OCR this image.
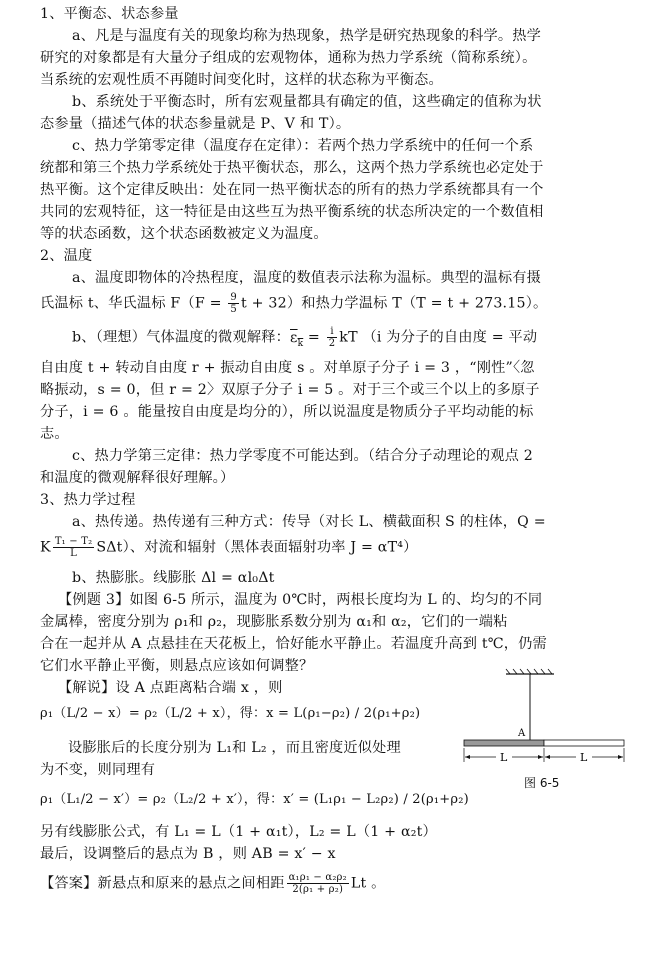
1、平衡态、状态参量
a、凡是与温度有关的现象均称为热现象，热学是研究热现象的科学。热学
研究的对象都是有大量分子组成的宏观物体，通称为热力学系统（简称系统）。
当系统的宏观性质不再随时间变化时，这样的状态称为平衡态。
b、系统处于平衡态时，所有宏观量都具有确定的值，这些确定的值称为状
态参量（描述气体的状态参量就是 P、V 和 T）。
c、热力学第零定律（温度存在定律）：若两个热力学系统中的任何一个系
统都和第三个热力学系统处于热平衡状态，那么，这两个热力学系统也必定处于
热平衡。这个定律反映出：处在同一热平衡状态的所有的热力学系统都具有一个
共同的宏观特征，这一特征是由这些互为热平衡系统的状态所决定的一个数值相
等的状态函数，这个状态函数被定义为温度。
2、温度
a、温度即物体的冷热程度，温度的数值表示法称为温标。典型的温标有摄
氏温标 t、华氏温标 $F(F = \frac{9}{5}$ t + 32）和热力学温标 T（T = t + 273.15）。
b、（理想）气体温度的微观解释：$\varepsilon_k = \frac{i}{2}$ kT （i 为分子的自由度 = 平动
自由度 t + 转动自由度 r + 振动自由度 s 。对单原子分子 i = 3 ，“刚性”〈忽
略振动，s = 0，但 r = 2〉双原子分子 i = 5 。对于三个或三个以上的多原子
分子，i = 6 。能量按自由度是均分的），所以说温度是物质分子平均动能的标
志。
c、热力学第三定律：热力学零度不可能达到。（结合分子动理论的观点 2
和温度的微观解释很好理解。）
3、热力学过程
a、热传递。热传递有三种方式：传导（对长 L、横截面积 S 的柱体，Q =
K $\frac{\text{T₁ − T₂}}{L} S\Delta t$）、对流和辐射（黑体表面辐射功率 J = αT⁴）
b、热膨胀。线膨胀 Δl = αl₀Δt
【例题 3】如图 6-5 所示，温度为 0℃时，两根长度均为 L 的、均匀的不同
金属棒，密度分别为 ρ₁和 ρ₂，现膨胀系数分别为 α₁和 α₂，它们的一端粘
合在一起并从 A 点悬挂在天花板上，恰好能水平静止。若温度升高到 t℃，仍需
它们水平静止平衡，则悬点应该如何调整？
【解说】设 A 点距离粘合端 x ，则
ρ₁（L/2 − x）= ρ₂（L/2 + x），得：x = L(ρ₁−ρ₂) / 2(ρ₁+ρ₂)
设膨胀后的长度分别为 L₁和 L₂ ，而且密度近似处理
为不变，则同理有
ρ₁（L₁/2 − x′）= ρ₂（L₂/2 + x′），得：x′ = (L₁ρ₁ − L₂ρ₂) / 2(ρ₁+ρ₂)
另有线膨胀公式，有 L₁ = L（1 + α₁t），L₂ = L（1 + α₂t）
最后，设调整后的悬点为 B ，则 AB = x′ − x
【答案】新悬点和原来的悬点之间相距 $\frac{\text{α₁ρ₁ − α₂ρ₂}}{\text{2(ρ₁ + ρ₂)}}$ Lt 。
A
L	L
图 6-5
